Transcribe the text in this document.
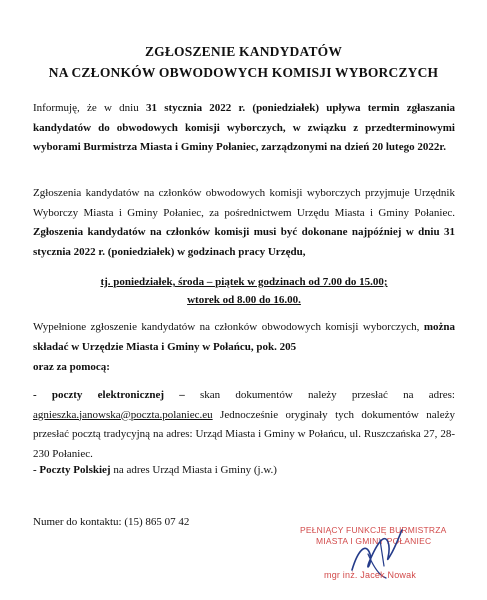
ZGŁOSZENIE KANDYDATÓW
NA CZŁONKÓW OBWODOWYCH KOMISJI WYBORCZYCH
Informuję, że w dniu 31 stycznia 2022 r. (poniedziałek) upływa termin zgłaszania kandydatów do obwodowych komisji wyborczych, w związku z przedterminowymi wyborami Burmistrza Miasta i Gminy Połaniec, zarządzonymi na dzień 20 lutego 2022r.
Zgłoszenia kandydatów na członków obwodowych komisji wyborczych przyjmuje Urzędnik Wyborczy Miasta i Gminy Połaniec, za pośrednictwem Urzędu Miasta i Gminy Połaniec. Zgłoszenia kandydatów na członków komisji musi być dokonane najpóźniej w dniu 31 stycznia 2022 r. (poniedziałek) w godzinach pracy Urzędu,
tj. poniedziałek, środa – piątek w godzinach od 7.00 do 15.00;
wtorek od 8.00 do 16.00.
Wypełnione zgłoszenie kandydatów na członków obwodowych komisji wyborczych, można składać w Urzędzie Miasta i Gminy w Połańcu, pok. 205
oraz za pomocą:
- poczty elektronicznej – skan dokumentów należy przesłać na adres: agnieszka.janowska@poczta.polaniec.eu Jednocześnie oryginały tych dokumentów należy przesłać pocztą tradycyjną na adres: Urząd Miasta i Gminy w Połańcu, ul. Ruszczańska 27, 28-230 Połaniec.
- Poczty Polskiej na adres Urząd Miasta i Gminy (j.w.)
Numer do kontaktu: (15) 865 07 42
PEŁNIĄCY FUNKCJĘ BURMISTRZA
MIASTA I GMINY POŁANIEC
mgr inż. Jacek Nowak
